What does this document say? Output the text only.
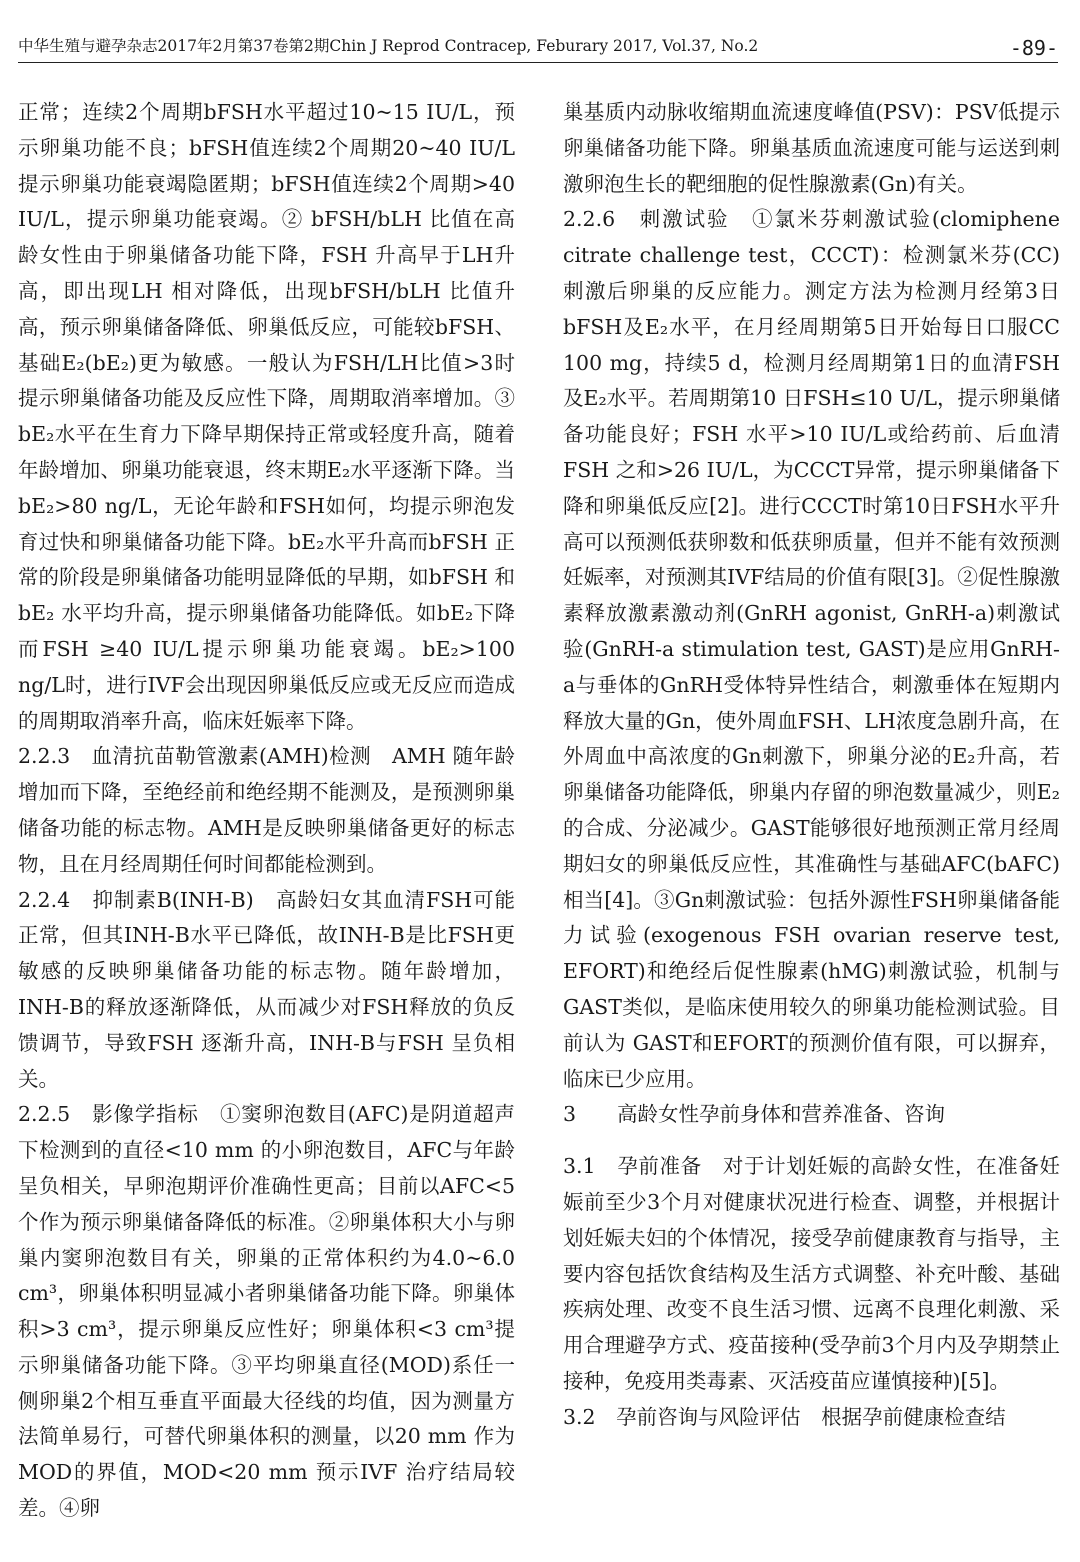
中华生殖与避孕杂志2017年2月第37卷第2期Chin J Reprod Contracep, Feburary 2017, Vol.37, No.2	-89-

正常；连续2个周期bFSH水平超过10~15 IU/L，预示卵巢功能不良；bFSH值连续2个周期20~40 IU/L提示卵巢功能衰竭隐匿期；bFSH值连续2个周期>40 IU/L，提示卵巢功能衰竭。② bFSH/bLH 比值在高龄女性由于卵巢储备功能下降，FSH 升高早于LH升高，即出现LH 相对降低，出现bFSH/bLH 比值升高，预示卵巢储备降低、卵巢低反应，可能较bFSH、基础E₂(bE₂)更为敏感。一般认为FSH/LH比值>3时提示卵巢储备功能及反应性下降，周期取消率增加。③ bE₂水平在生育力下降早期保持正常或轻度升高，随着年龄增加、卵巢功能衰退，终末期E₂水平逐渐下降。当bE₂>80 ng/L，无论年龄和FSH如何，均提示卵泡发育过快和卵巢储备功能下降。bE₂水平升高而bFSH 正常的阶段是卵巢储备功能明显降低的早期，如bFSH 和bE₂ 水平均升高，提示卵巢储备功能降低。如bE₂下降而FSH ≥40 IU/L提示卵巢功能衰竭。bE₂>100 ng/L时，进行IVF会出现因卵巢低反应或无反应而造成的周期取消率升高，临床妊娠率下降。

2.2.3　血清抗苗勒管激素(AMH)检测　AMH 随年龄增加而下降，至绝经前和绝经期不能测及，是预测卵巢储备功能的标志物。AMH是反映卵巢储备更好的标志物，且在月经周期任何时间都能检测到。

2.2.4　抑制素B(INH-B)　高龄妇女其血清FSH可能正常，但其INH-B水平已降低，故INH-B是比FSH更敏感的反映卵巢储备功能的标志物。随年龄增加，INH-B的释放逐渐降低，从而减少对FSH释放的负反馈调节，导致FSH 逐渐升高，INH-B与FSH 呈负相关。

2.2.5　影像学指标　①窦卵泡数目(AFC)是阴道超声下检测到的直径<10 mm 的小卵泡数目，AFC与年龄呈负相关，早卵泡期评价准确性更高；目前以AFC<5 个作为预示卵巢储备降低的标准。②卵巢体积大小与卵巢内窦卵泡数目有关，卵巢的正常体积约为4.0~6.0 cm³，卵巢体积明显减小者卵巢储备功能下降。卵巢体积>3 cm³，提示卵巢反应性好；卵巢体积<3 cm³提示卵巢储备功能下降。③平均卵巢直径(MOD)系任一侧卵巢2个相互垂直平面最大径线的均值，因为测量方法简单易行，可替代卵巢体积的测量，以20 mm 作为MOD的界值，MOD<20 mm 预示IVF 治疗结局较差。④卵

巢基质内动脉收缩期血流速度峰值(PSV)：PSV低提示卵巢储备功能下降。卵巢基质血流速度可能与运送到刺激卵泡生长的靶细胞的促性腺激素(Gn)有关。

2.2.6　刺激试验　①氯米芬刺激试验(clomiphene citrate challenge test，CCCT)：检测氯米芬(CC)刺激后卵巢的反应能力。测定方法为检测月经第3日bFSH及E₂水平，在月经周期第5日开始每日口服CC 100 mg，持续5 d，检测月经周期第1日的血清FSH及E₂水平。若周期第10 日FSH≤10 U/L，提示卵巢储备功能良好；FSH 水平>10 IU/L或给药前、后血清FSH 之和>26 IU/L，为CCCT异常，提示卵巢储备下降和卵巢低反应[2]。进行CCCT时第10日FSH水平升高可以预测低获卵数和低获卵质量，但并不能有效预测妊娠率，对预测其IVF结局的价值有限[3]。②促性腺激素释放激素激动剂(GnRH agonist, GnRH-a)刺激试验(GnRH-a stimulation test, GAST)是应用GnRH-a与垂体的GnRH受体特异性结合，刺激垂体在短期内释放大量的Gn，使外周血FSH、LH浓度急剧升高，在外周血中高浓度的Gn刺激下，卵巢分泌的E₂升高，若卵巢储备功能降低，卵巢内存留的卵泡数量减少，则E₂的合成、分泌减少。GAST能够很好地预测正常月经周期妇女的卵巢低反应性，其准确性与基础AFC(bAFC)相当[4]。③Gn刺激试验：包括外源性FSH卵巢储备能力试验(exogenous FSH ovarian reserve test, EFORT)和绝经后促性腺素(hMG)刺激试验，机制与GAST类似，是临床使用较久的卵巢功能检测试验。目前认为 GAST和EFORT的预测价值有限，可以摒弃，临床已少应用。

3　　高龄女性孕前身体和营养准备、咨询

3.1　孕前准备　对于计划妊娠的高龄女性，在准备妊娠前至少3个月对健康状况进行检查、调整，并根据计划妊娠夫妇的个体情况，接受孕前健康教育与指导，主要内容包括饮食结构及生活方式调整、补充叶酸、基础疾病处理、改变不良生活习惯、远离不良理化刺激、采用合理避孕方式、疫苗接种(受孕前3个月内及孕期禁止接种，免疫用类毒素、灭活疫苗应谨慎接种)[5]。

3.2　孕前咨询与风险评估　根据孕前健康检查结
